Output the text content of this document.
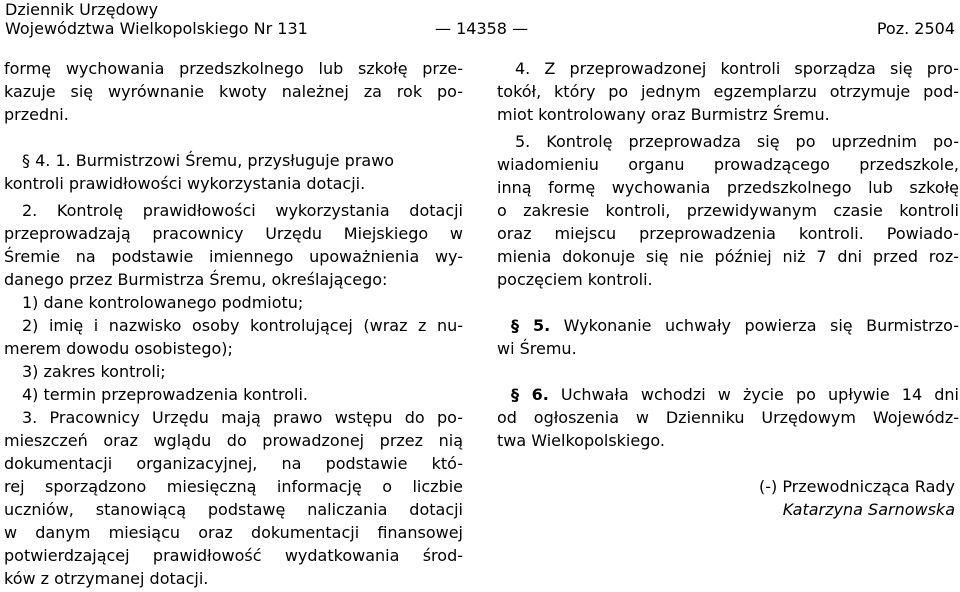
Dziennik Urzędowy
Województwa Wielkopolskiego Nr 131	— 14358 —	Poz. 2504
formę wychowania przedszkolnego lub szkołę prze-
kazuje się wyrównanie kwoty należnej za rok po-
przedni.
§ 4. 1. Burmistrzowi Śremu, przysługuje prawo
kontroli prawidłowości wykorzystania dotacji.
2. Kontrolę prawidłowości wykorzystania dotacji
przeprowadzają pracownicy Urzędu Miejskiego w
Śremie na podstawie imiennego upoważnienia wy-
danego przez Burmistrza Śremu, określającego:
1) dane kontrolowanego podmiotu;
2) imię i nazwisko osoby kontrolującej (wraz z nu-
merem dowodu osobistego);
3) zakres kontroli;
4) termin przeprowadzenia kontroli.
3. Pracownicy Urzędu mają prawo wstępu do po-
mieszczeń oraz wglądu do prowadzonej przez nią
dokumentacji organizacyjnej, na podstawie któ-
rej sporządzono miesięczną informację o liczbie
uczniów, stanowiącą podstawę naliczania dotacji
w danym miesiącu oraz dokumentacji finansowej
potwierdzającej prawidłowość wydatkowania środ-
ków z otrzymanej dotacji.
4. Z przeprowadzonej kontroli sporządza się pro-
tokół, który po jednym egzemplarzu otrzymuje pod-
miot kontrolowany oraz Burmistrz Śremu.
5. Kontrolę przeprowadza się po uprzednim po-
wiadomieniu organu prowadzącego przedszkole,
inną formę wychowania przedszkolnego lub szkołę
o zakresie kontroli, przewidywanym czasie kontroli
oraz miejscu przeprowadzenia kontroli. Powiado-
mienia dokonuje się nie później niż 7 dni przed roz-
poczęciem kontroli.
§ 5. Wykonanie uchwały powierza się Burmistrzo-
wi Śremu.
§ 6. Uchwała wchodzi w życie po upływie 14 dni
od ogłoszenia w Dzienniku Urzędowym Wojewódz-
twa Wielkopolskiego.
(-) Przewodnicząca Rady
Katarzyna Sarnowska
